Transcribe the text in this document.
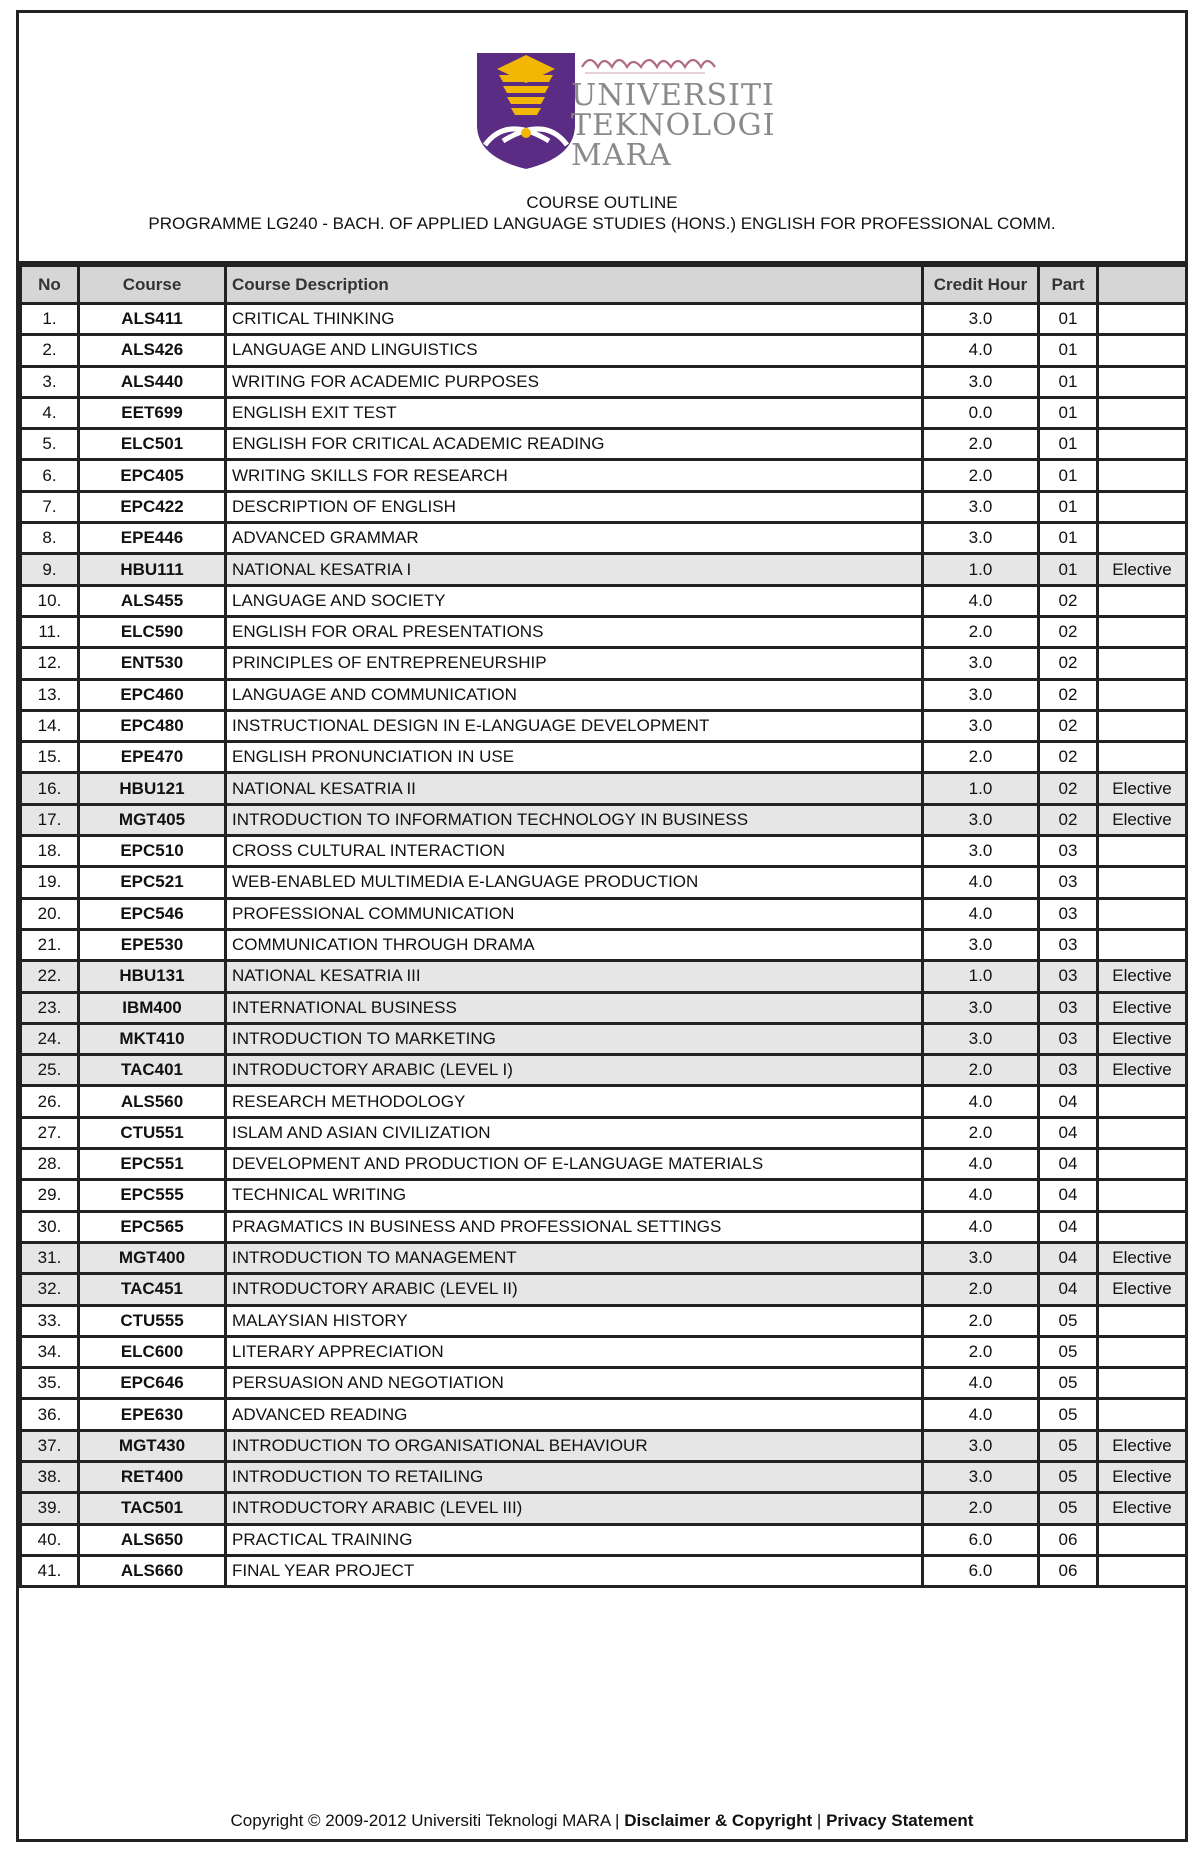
UNIVERSITI
TEKNOLOGI
MARA
COURSE OUTLINE
PROGRAMME LG240 - BACH. OF APPLIED LANGUAGE STUDIES (HONS.) ENGLISH FOR PROFESSIONAL COMM.
No	Course	Course Description	Credit Hour	Part	
1.	ALS411	CRITICAL THINKING	3.0	01	
2.	ALS426	LANGUAGE AND LINGUISTICS	4.0	01	
3.	ALS440	WRITING FOR ACADEMIC PURPOSES	3.0	01	
4.	EET699	ENGLISH EXIT TEST	0.0	01	
5.	ELC501	ENGLISH FOR CRITICAL ACADEMIC READING	2.0	01	
6.	EPC405	WRITING SKILLS FOR RESEARCH	2.0	01	
7.	EPC422	DESCRIPTION OF ENGLISH	3.0	01	
8.	EPE446	ADVANCED GRAMMAR	3.0	01	
9.	HBU111	NATIONAL KESATRIA I	1.0	01	Elective
10.	ALS455	LANGUAGE AND SOCIETY	4.0	02	
11.	ELC590	ENGLISH FOR ORAL PRESENTATIONS	2.0	02	
12.	ENT530	PRINCIPLES OF ENTREPRENEURSHIP	3.0	02	
13.	EPC460	LANGUAGE AND COMMUNICATION	3.0	02	
14.	EPC480	INSTRUCTIONAL DESIGN IN E-LANGUAGE DEVELOPMENT	3.0	02	
15.	EPE470	ENGLISH PRONUNCIATION IN USE	2.0	02	
16.	HBU121	NATIONAL KESATRIA II	1.0	02	Elective
17.	MGT405	INTRODUCTION TO INFORMATION TECHNOLOGY IN BUSINESS	3.0	02	Elective
18.	EPC510	CROSS CULTURAL INTERACTION	3.0	03	
19.	EPC521	WEB-ENABLED MULTIMEDIA E-LANGUAGE PRODUCTION	4.0	03	
20.	EPC546	PROFESSIONAL COMMUNICATION	4.0	03	
21.	EPE530	COMMUNICATION THROUGH DRAMA	3.0	03	
22.	HBU131	NATIONAL KESATRIA III	1.0	03	Elective
23.	IBM400	INTERNATIONAL BUSINESS	3.0	03	Elective
24.	MKT410	INTRODUCTION TO MARKETING	3.0	03	Elective
25.	TAC401	INTRODUCTORY ARABIC (LEVEL I)	2.0	03	Elective
26.	ALS560	RESEARCH METHODOLOGY	4.0	04	
27.	CTU551	ISLAM AND ASIAN CIVILIZATION	2.0	04	
28.	EPC551	DEVELOPMENT AND PRODUCTION OF E-LANGUAGE MATERIALS	4.0	04	
29.	EPC555	TECHNICAL WRITING	4.0	04	
30.	EPC565	PRAGMATICS IN BUSINESS AND PROFESSIONAL SETTINGS	4.0	04	
31.	MGT400	INTRODUCTION TO MANAGEMENT	3.0	04	Elective
32.	TAC451	INTRODUCTORY ARABIC (LEVEL II)	2.0	04	Elective
33.	CTU555	MALAYSIAN HISTORY	2.0	05	
34.	ELC600	LITERARY APPRECIATION	2.0	05	
35.	EPC646	PERSUASION AND NEGOTIATION	4.0	05	
36.	EPE630	ADVANCED READING	4.0	05	
37.	MGT430	INTRODUCTION TO ORGANISATIONAL BEHAVIOUR	3.0	05	Elective
38.	RET400	INTRODUCTION TO RETAILING	3.0	05	Elective
39.	TAC501	INTRODUCTORY ARABIC (LEVEL III)	2.0	05	Elective
40.	ALS650	PRACTICAL TRAINING	6.0	06	
41.	ALS660	FINAL YEAR PROJECT	6.0	06	
Copyright © 2009-2012 Universiti Teknologi MARA | Disclaimer & Copyright | Privacy Statement
